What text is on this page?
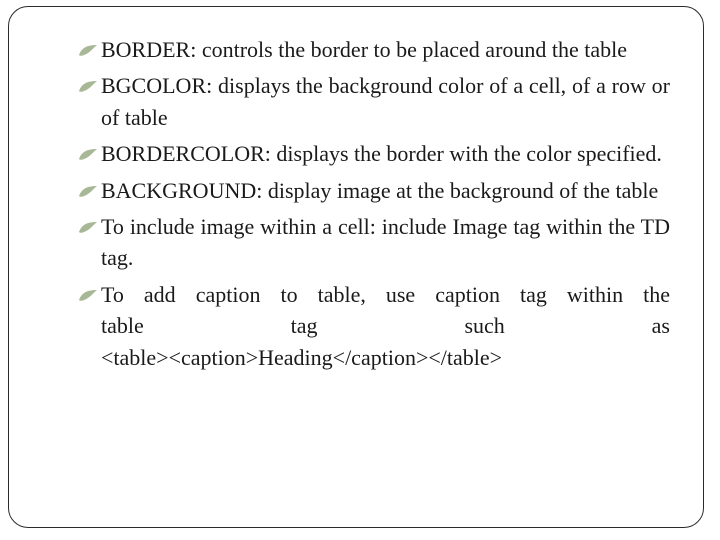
BORDER: controls the border to be placed around the table
BGCOLOR: displays the background color of a cell, of a row or of table
BORDERCOLOR: displays the border with the color specified.
BACKGROUND: display image at the background of the table
To include image within a cell: include Image tag within the TD tag.
To add caption to table, use caption tag within the
table	tag	such	as
<table><caption>Heading</caption></table>
